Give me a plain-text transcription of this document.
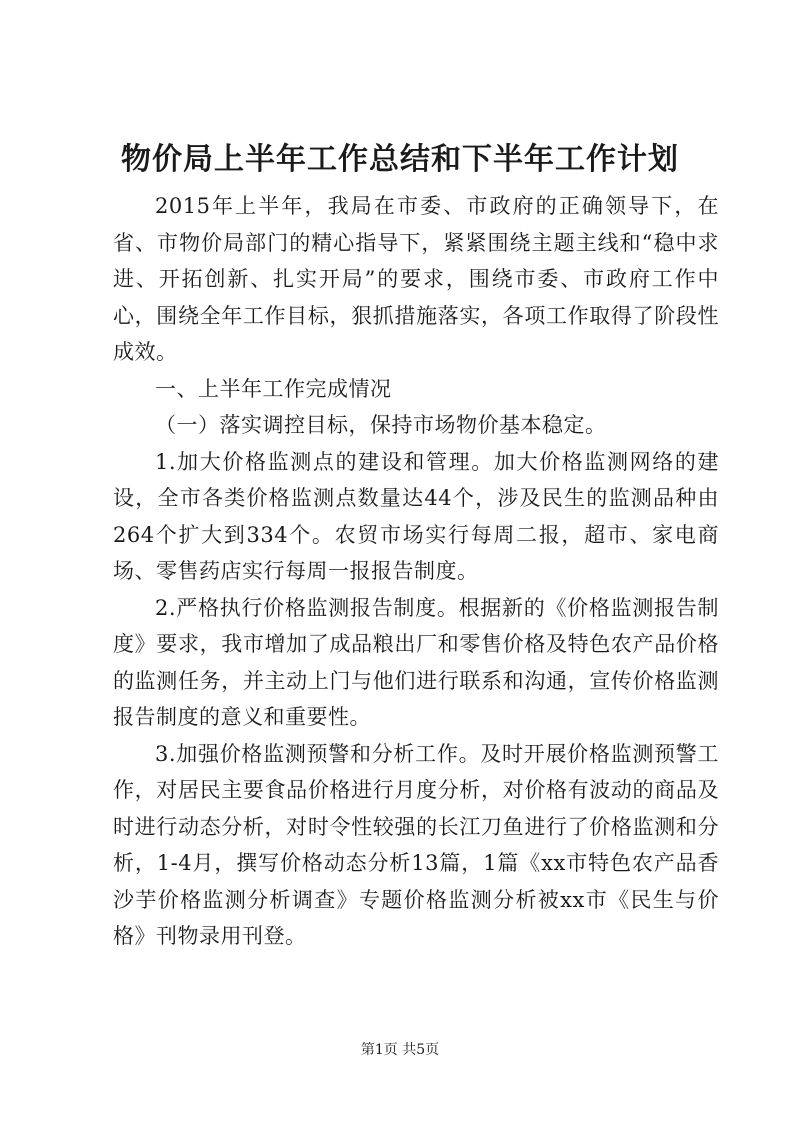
物价局上半年工作总结和下半年工作计划

2015年上半年，我局在市委、市政府的正确领导下，在省、市物价局部门的精心指导下，紧紧围绕主题主线和“稳中求进、开拓创新、扎实开局”的要求，围绕市委、市政府工作中心，围绕全年工作目标，狠抓措施落实，各项工作取得了阶段性成效。

一、上半年工作完成情况

（一）落实调控目标，保持市场物价基本稳定。

1.加大价格监测点的建设和管理。加大价格监测网络的建设，全市各类价格监测点数量达44个，涉及民生的监测品种由264个扩大到334个。农贸市场实行每周二报，超市、家电商场、零售药店实行每周一报报告制度。

2.严格执行价格监测报告制度。根据新的《价格监测报告制度》要求，我市增加了成品粮出厂和零售价格及特色农产品价格的监测任务，并主动上门与他们进行联系和沟通，宣传价格监测报告制度的意义和重要性。

3.加强价格监测预警和分析工作。及时开展价格监测预警工作，对居民主要食品价格进行月度分析，对价格有波动的商品及时进行动态分析，对时令性较强的长江刀鱼进行了价格监测和分析，1-4月，撰写价格动态分析13篇，1篇《xx市特色农产品香沙芋价格监测分析调查》专题价格监测分析被xx市《民生与价格》刊物录用刊登。

第1页 共5页
